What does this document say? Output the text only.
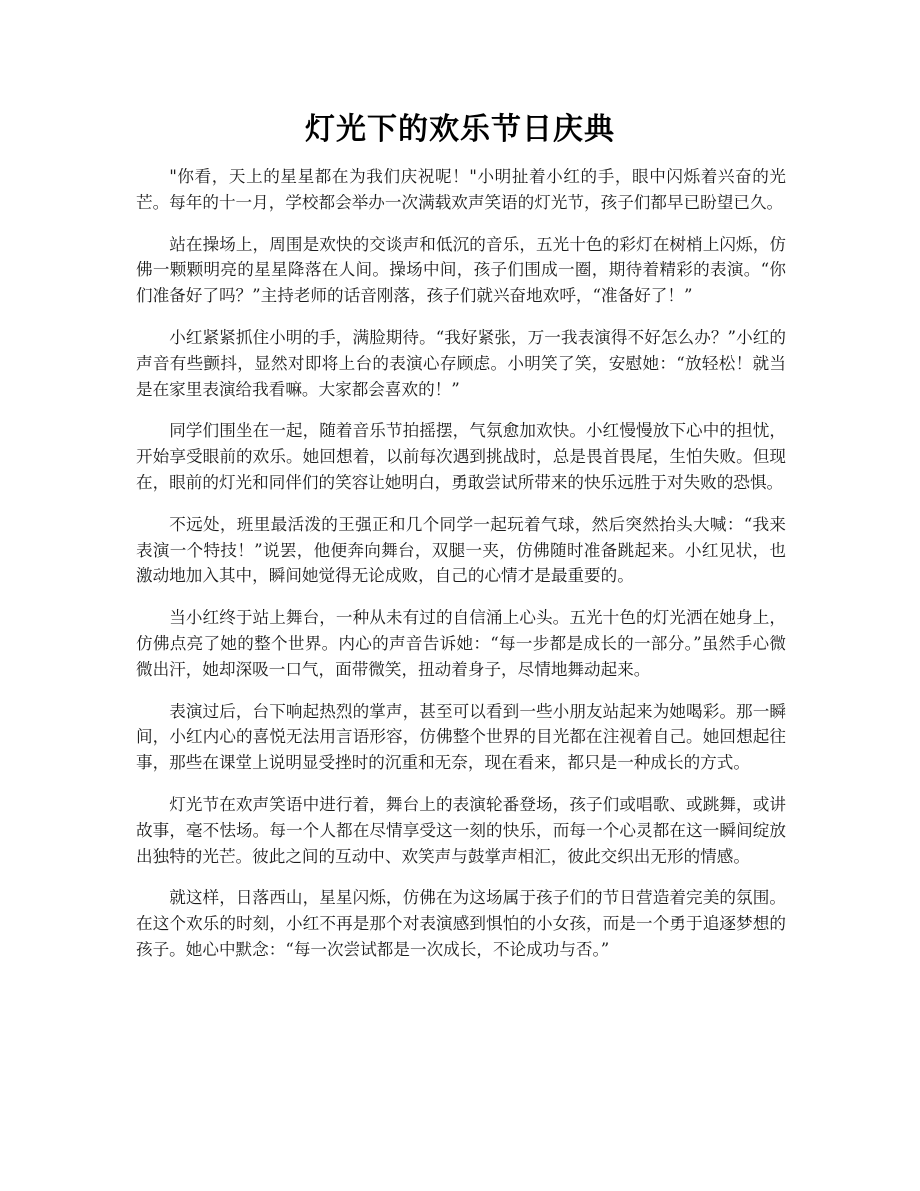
灯光下的欢乐节日庆典

"你看，天上的星星都在为我们庆祝呢！"小明扯着小红的手，眼中闪烁着兴奋的光芒。每年的十一月，学校都会举办一次满载欢声笑语的灯光节，孩子们都早已盼望已久。

站在操场上，周围是欢快的交谈声和低沉的音乐，五光十色的彩灯在树梢上闪烁，仿佛一颗颗明亮的星星降落在人间。操场中间，孩子们围成一圈，期待着精彩的表演。“你们准备好了吗？”主持老师的话音刚落，孩子们就兴奋地欢呼，“准备好了！”

小红紧紧抓住小明的手，满脸期待。“我好紧张，万一我表演得不好怎么办？”小红的声音有些颤抖，显然对即将上台的表演心存顾虑。小明笑了笑，安慰她：“放轻松！就当是在家里表演给我看嘛。大家都会喜欢的！”

同学们围坐在一起，随着音乐节拍摇摆，气氛愈加欢快。小红慢慢放下心中的担忧，开始享受眼前的欢乐。她回想着，以前每次遇到挑战时，总是畏首畏尾，生怕失败。但现在，眼前的灯光和同伴们的笑容让她明白，勇敢尝试所带来的快乐远胜于对失败的恐惧。

不远处，班里最活泼的王强正和几个同学一起玩着气球，然后突然抬头大喊：“我来表演一个特技！”说罢，他便奔向舞台，双腿一夹，仿佛随时准备跳起来。小红见状，也激动地加入其中，瞬间她觉得无论成败，自己的心情才是最重要的。

当小红终于站上舞台，一种从未有过的自信涌上心头。五光十色的灯光洒在她身上，仿佛点亮了她的整个世界。内心的声音告诉她：“每一步都是成长的一部分。”虽然手心微微出汗，她却深吸一口气，面带微笑，扭动着身子，尽情地舞动起来。

表演过后，台下响起热烈的掌声，甚至可以看到一些小朋友站起来为她喝彩。那一瞬间，小红内心的喜悦无法用言语形容，仿佛整个世界的目光都在注视着自己。她回想起往事，那些在课堂上说明显受挫时的沉重和无奈，现在看来，都只是一种成长的方式。

灯光节在欢声笑语中进行着，舞台上的表演轮番登场，孩子们或唱歌、或跳舞，或讲故事，毫不怯场。每一个人都在尽情享受这一刻的快乐，而每一个心灵都在这一瞬间绽放出独特的光芒。彼此之间的互动中、欢笑声与鼓掌声相汇，彼此交织出无形的情感。

就这样，日落西山，星星闪烁，仿佛在为这场属于孩子们的节日营造着完美的氛围。在这个欢乐的时刻，小红不再是那个对表演感到惧怕的小女孩，而是一个勇于追逐梦想的孩子。她心中默念：“每一次尝试都是一次成长，不论成功与否。”
